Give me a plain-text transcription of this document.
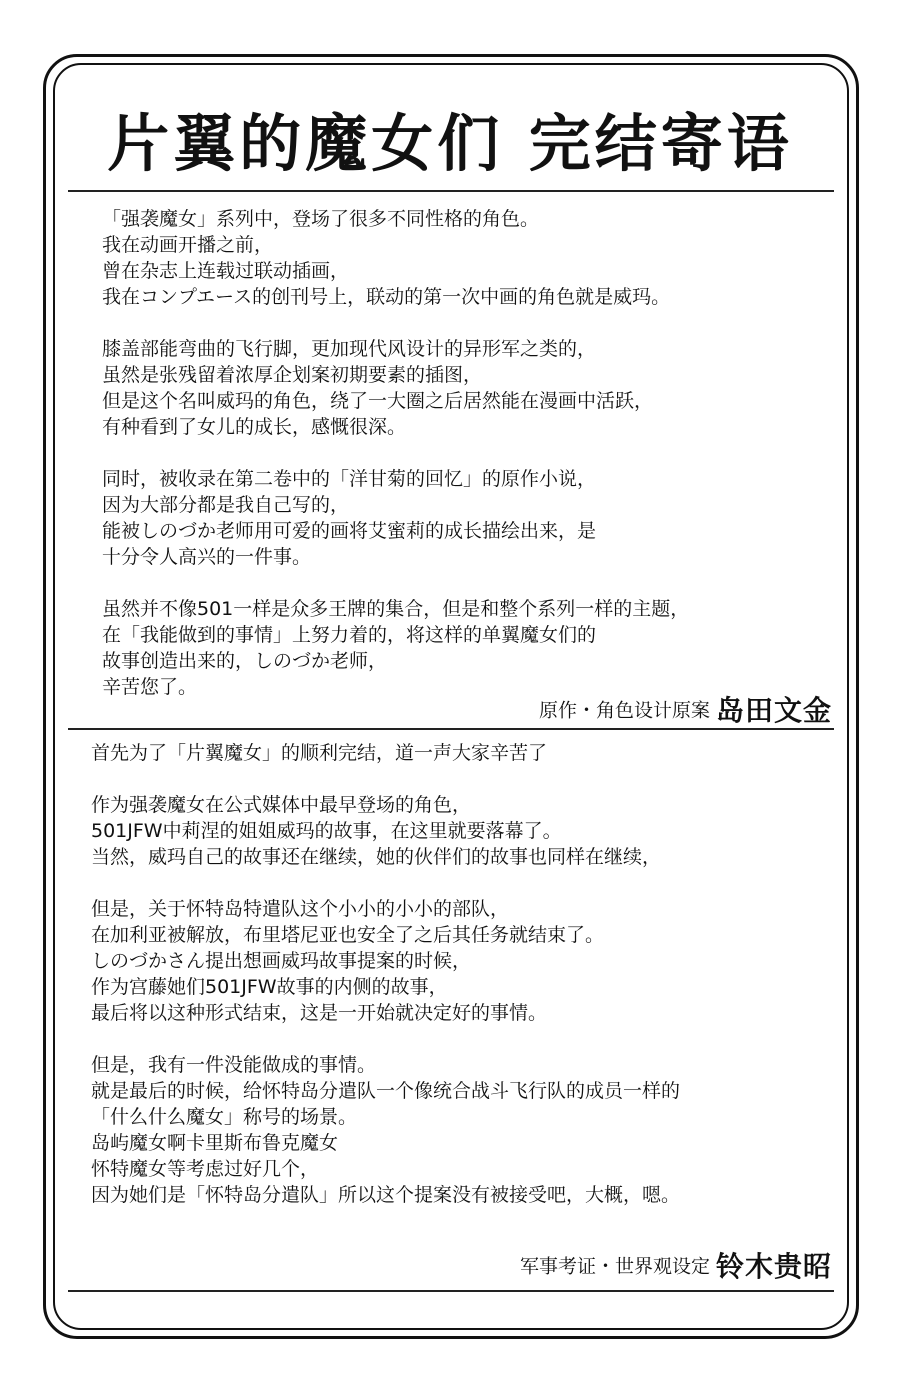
片翼的魔女们 完结寄语

「强袭魔女」系列中，登场了很多不同性格的角色。
我在动画开播之前，
曾在杂志上连载过联动插画，
我在コンプエース的创刊号上，联动的第一次中画的角色就是威玛。

膝盖部能弯曲的飞行脚，更加现代风设计的异形军之类的，
虽然是张残留着浓厚企划案初期要素的插图，
但是这个名叫威玛的角色，绕了一大圈之后居然能在漫画中活跃，
有种看到了女儿的成长，感慨很深。

同时，被收录在第二卷中的「洋甘菊的回忆」的原作小说，
因为大部分都是我自己写的，
能被しのづか老师用可爱的画将艾蜜莉的成长描绘出来，是
十分令人高兴的一件事。

虽然并不像501一样是众多王牌的集合，但是和整个系列一样的主题，
在「我能做到的事情」上努力着的，将这样的单翼魔女们的
故事创造出来的，しのづか老师，
辛苦您了。

原作・角色设计原案 岛田文金

首先为了「片翼魔女」的顺利完结，道一声大家辛苦了

作为强袭魔女在公式媒体中最早登场的角色，
501JFW中莉涅的姐姐威玛的故事，在这里就要落幕了。
当然，威玛自己的故事还在继续，她的伙伴们的故事也同样在继续，

但是，关于怀特岛特遣队这个小小的小小的部队，
在加利亚被解放，布里塔尼亚也安全了之后其任务就结束了。
しのづかさん提出想画威玛故事提案的时候，
作为宫藤她们501JFW故事的内侧的故事，
最后将以这种形式结束，这是一开始就决定好的事情。

但是，我有一件没能做成的事情。
就是最后的时候，给怀特岛分遣队一个像统合战斗飞行队的成员一样的
「什么什么魔女」称号的场景。
岛屿魔女啊卡里斯布鲁克魔女
怀特魔女等考虑过好几个，
因为她们是「怀特岛分遣队」所以这个提案没有被接受吧，大概，嗯。

军事考证・世界观设定 铃木贵昭
